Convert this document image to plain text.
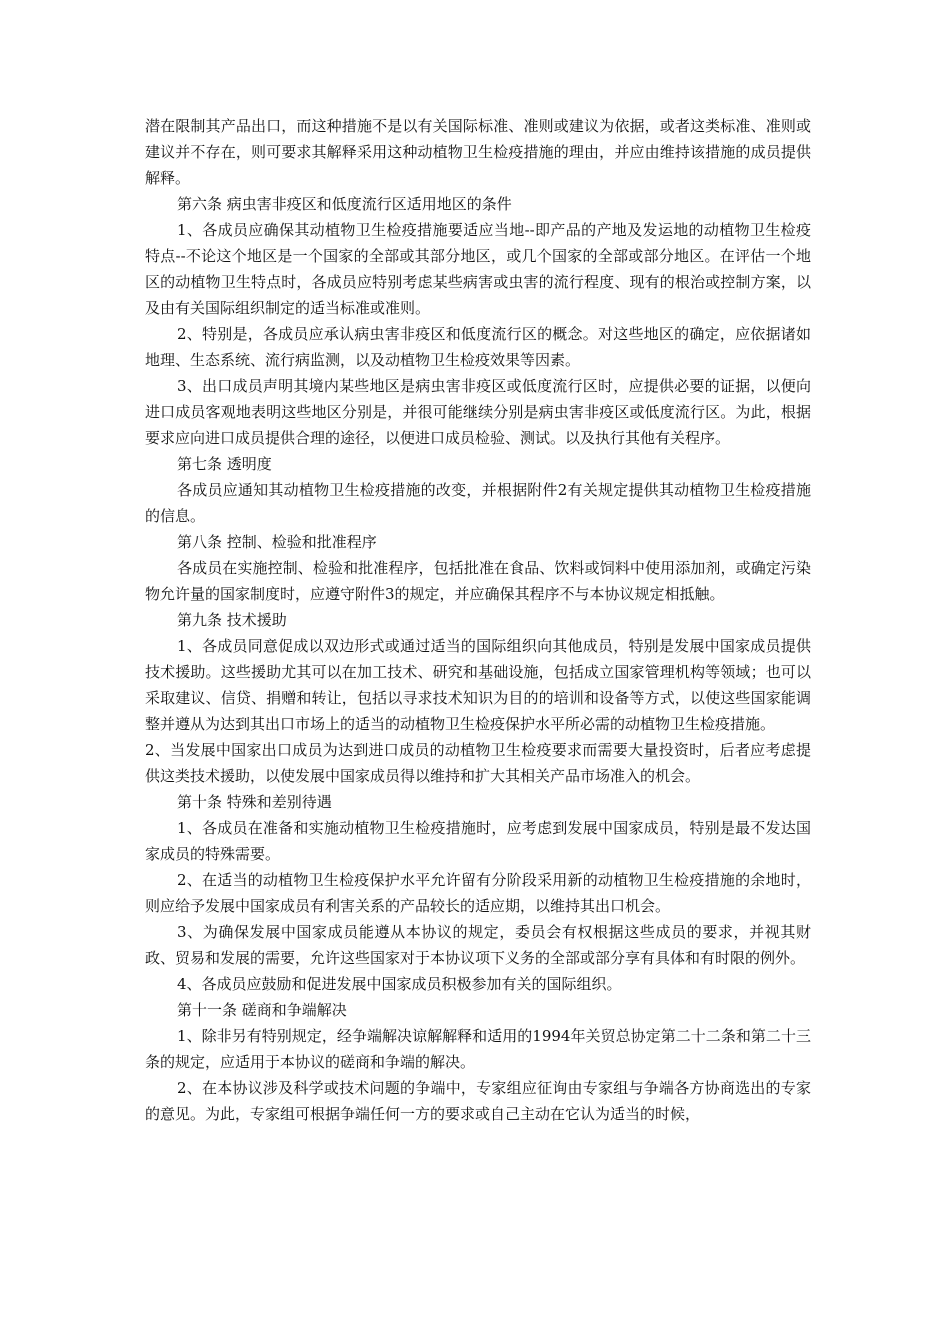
潜在限制其产品出口，而这种措施不是以有关国际标准、准则或建议为依据，或者这类标准、准则或建议并不存在，则可要求其解释采用这种动植物卫生检疫措施的理由，并应由维持该措施的成员提供解释。

第六条 病虫害非疫区和低度流行区适用地区的条件

1、各成员应确保其动植物卫生检疫措施要适应当地--即产品的产地及发运地的动植物卫生检疫特点--不论这个地区是一个国家的全部或其部分地区，或几个国家的全部或部分地区。在评估一个地区的动植物卫生特点时，各成员应特别考虑某些病害或虫害的流行程度、现有的根治或控制方案，以及由有关国际组织制定的适当标准或准则。

2、特别是，各成员应承认病虫害非疫区和低度流行区的概念。对这些地区的确定，应依据诸如地理、生态系统、流行病监测，以及动植物卫生检疫效果等因素。

3、出口成员声明其境内某些地区是病虫害非疫区或低度流行区时，应提供必要的证据，以便向进口成员客观地表明这些地区分别是，并很可能继续分别是病虫害非疫区或低度流行区。为此，根据要求应向进口成员提供合理的途径，以便进口成员检验、测试。以及执行其他有关程序。

第七条 透明度

各成员应通知其动植物卫生检疫措施的改变，并根据附件2有关规定提供其动植物卫生检疫措施的信息。

第八条 控制、检验和批准程序

各成员在实施控制、检验和批准程序，包括批准在食品、饮料或饲料中使用添加剂，或确定污染物允许量的国家制度时，应遵守附件3的规定，并应确保其程序不与本协议规定相抵触。

第九条 技术援助

1、各成员同意促成以双边形式或通过适当的国际组织向其他成员，特别是发展中国家成员提供技术援助。这些援助尤其可以在加工技术、研究和基础设施，包括成立国家管理机构等领域；也可以采取建议、信贷、捐赠和转让，包括以寻求技术知识为目的的培训和设备等方式，以使这些国家能调整并遵从为达到其出口市场上的适当的动植物卫生检疫保护水平所必需的动植物卫生检疫措施。

2、当发展中国家出口成员为达到进口成员的动植物卫生检疫要求而需要大量投资时，后者应考虑提供这类技术援助，以使发展中国家成员得以维持和扩大其相关产品市场准入的机会。

第十条 特殊和差别待遇

1、各成员在准备和实施动植物卫生检疫措施时，应考虑到发展中国家成员，特别是最不发达国家成员的特殊需要。

2、在适当的动植物卫生检疫保护水平允许留有分阶段采用新的动植物卫生检疫措施的余地时，则应给予发展中国家成员有利害关系的产品较长的适应期，以维持其出口机会。

3、为确保发展中国家成员能遵从本协议的规定，委员会有权根据这些成员的要求，并视其财政、贸易和发展的需要，允许这些国家对于本协议项下义务的全部或部分享有具体和有时限的例外。

4、各成员应鼓励和促进发展中国家成员积极参加有关的国际组织。

第十一条 磋商和争端解决

1、除非另有特别规定，经争端解决谅解解释和适用的1994年关贸总协定第二十二条和第二十三条的规定，应适用于本协议的磋商和争端的解决。

2、在本协议涉及科学或技术问题的争端中，专家组应征询由专家组与争端各方协商选出的专家的意见。为此，专家组可根据争端任何一方的要求或自己主动在它认为适当的时候，
